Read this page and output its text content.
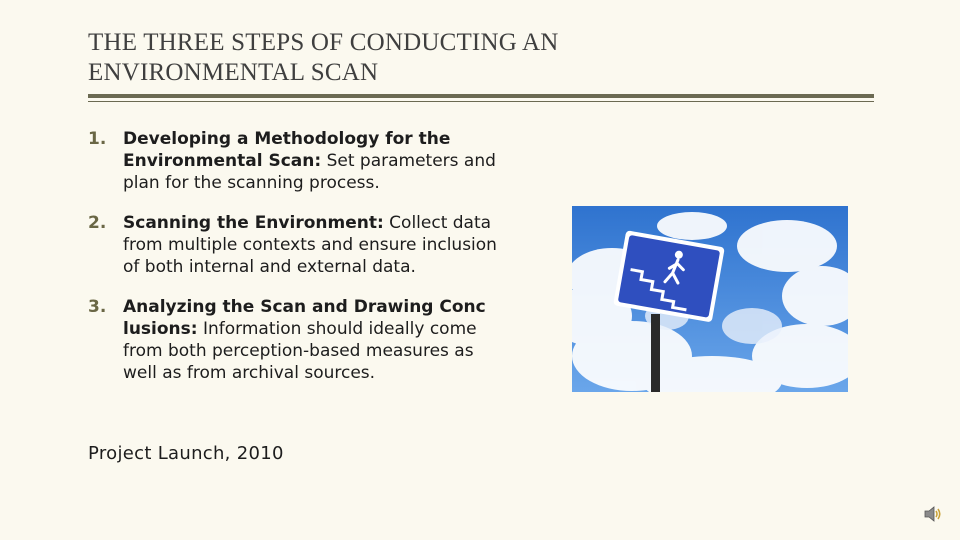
THE THREE STEPS OF CONDUCTING AN
ENVIRONMENTAL SCAN
1. Developing a Methodology for the Environmental Scan: Set parameters and plan for the scanning process.
2. Scanning the Environment: Collect data from multiple contexts and ensure inclusion of both internal and external data.
3. Analyzing the Scan and Drawing Conc lusions: Information should ideally come from both perception-based measures as well as from archival sources.
Project Launch, 2010
